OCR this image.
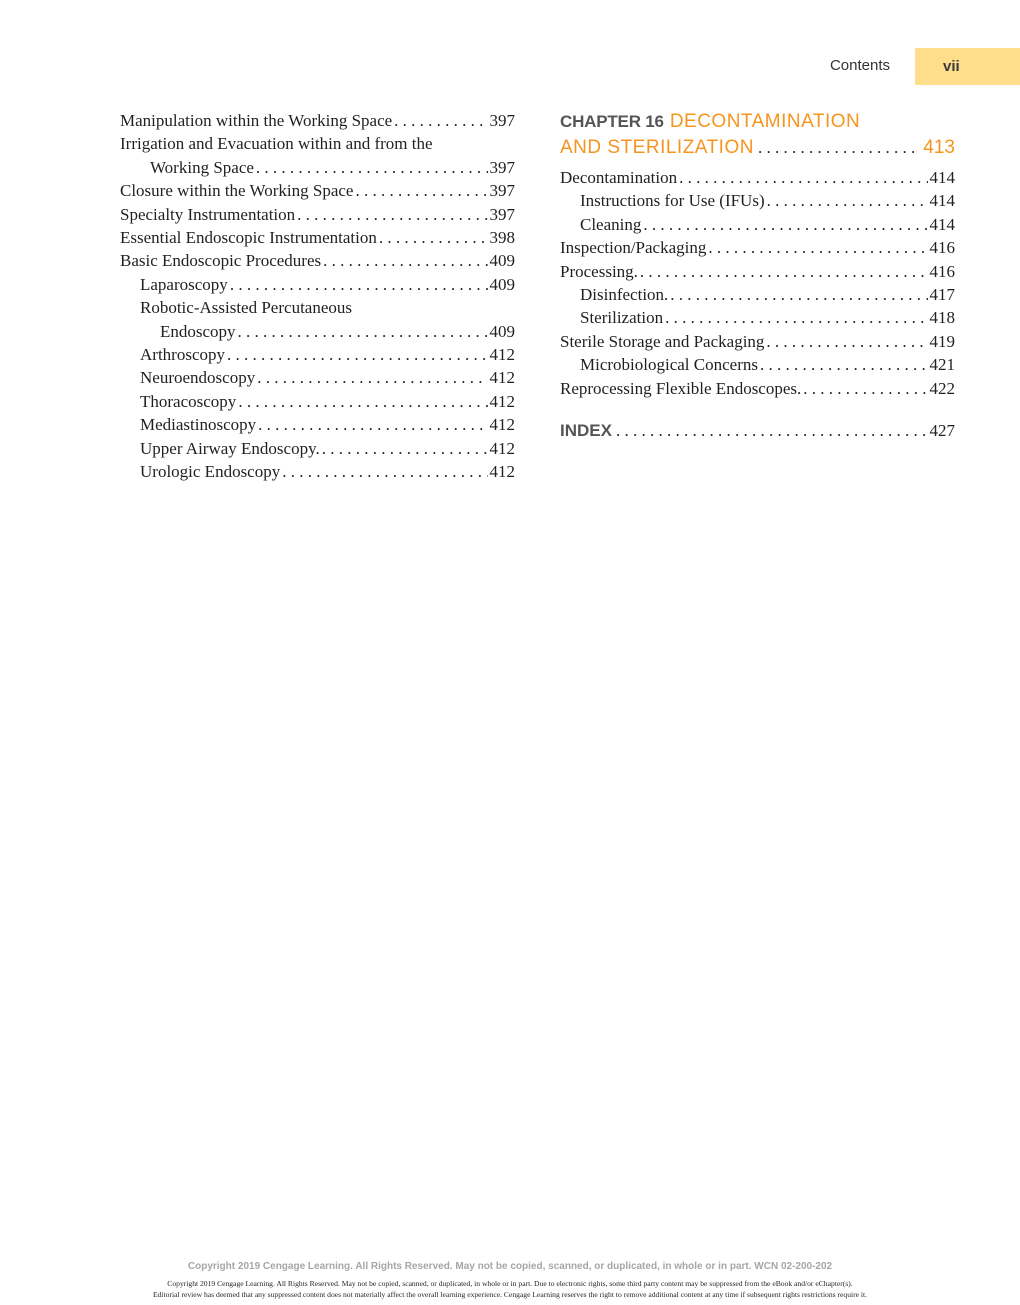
Contents	vii
Manipulation within the Working Space . . .	397
Irrigation and Evacuation within and from the
Working Space . . .	397
Closure within the Working Space . . .	397
Specialty Instrumentation . . .	397
Essential Endoscopic Instrumentation . . .	398
Basic Endoscopic Procedures . . .	409
Laparoscopy . . .	409
Robotic-Assisted Percutaneous
Endoscopy . . .	409
Arthroscopy . . .	412
Neuroendoscopy . . .	412
Thoracoscopy . . .	412
Mediastinoscopy . . .	412
Upper Airway Endoscopy. . . .	412
Urologic Endoscopy . . .	412
CHAPTER 16 DECONTAMINATION
AND STERILIZATION . . .	413
Decontamination . . .	414
Instructions for Use (IFUs) . . .	414
Cleaning . . .	414
Inspection/Packaging . . .	416
Processing. . . .	416
Disinfection. . . .	417
Sterilization . . .	418
Sterile Storage and Packaging . . .	419
Microbiological Concerns . . .	421
Reprocessing Flexible Endoscopes. . . .	422
INDEX . . .	427
Copyright 2019 Cengage Learning. All Rights Reserved. May not be copied, scanned, or duplicated, in whole or in part. WCN 02-200-202
Copyright 2019 Cengage Learning. All Rights Reserved. May not be copied, scanned, or duplicated, in whole or in part. Due to electronic rights, some third party content may be suppressed from the eBook and/or eChapter(s).
Editorial review has deemed that any suppressed content does not materially affect the overall learning experience. Cengage Learning reserves the right to remove additional content at any time if subsequent rights restrictions require it.
